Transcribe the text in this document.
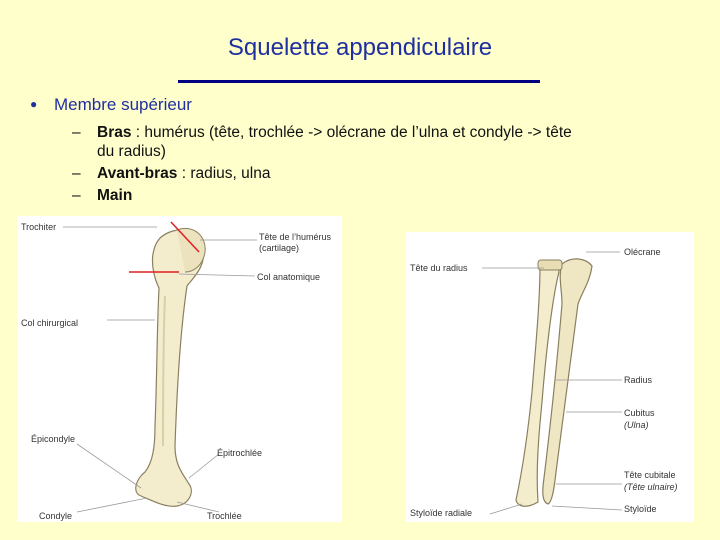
Squelette appendiculaire
● Membre supérieur
– Bras : humérus (tête, trochlée -> olécrane de l’ulna et condyle -> tête
du radius)
– Avant-bras : radius, ulna
– Main
Trochiter
Tête de l’humérus
(cartilage)
Col anatomique
Col chirurgical
Épicondyle
Épitrochlée
Condyle	Trochlée
Tête du radius
Olécrane
Radius
Cubitus
(Ulna)
Tête cubitale
(Tête ulnaire)
Styloïde radiale	Styloïde
